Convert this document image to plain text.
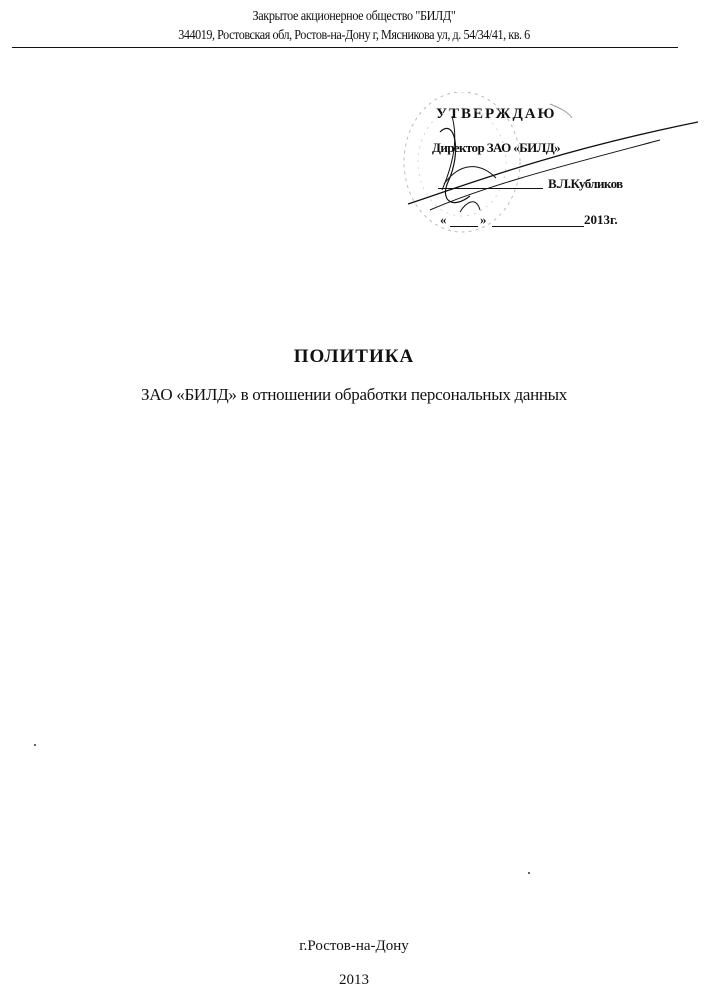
Закрытое акционерное общество "БИЛД"
344019, Ростовская обл, Ростов-на-Дону г, Мясникова ул, д. 54/34/41, кв. 6
УТВЕРЖДАЮ
Директор ЗАО «БИЛД»
В.Л.Кубликов
«	»	2013г.
ПОЛИТИКА
ЗАО «БИЛД» в отношении обработки персональных данных
г.Ростов-на-Дону
2013
